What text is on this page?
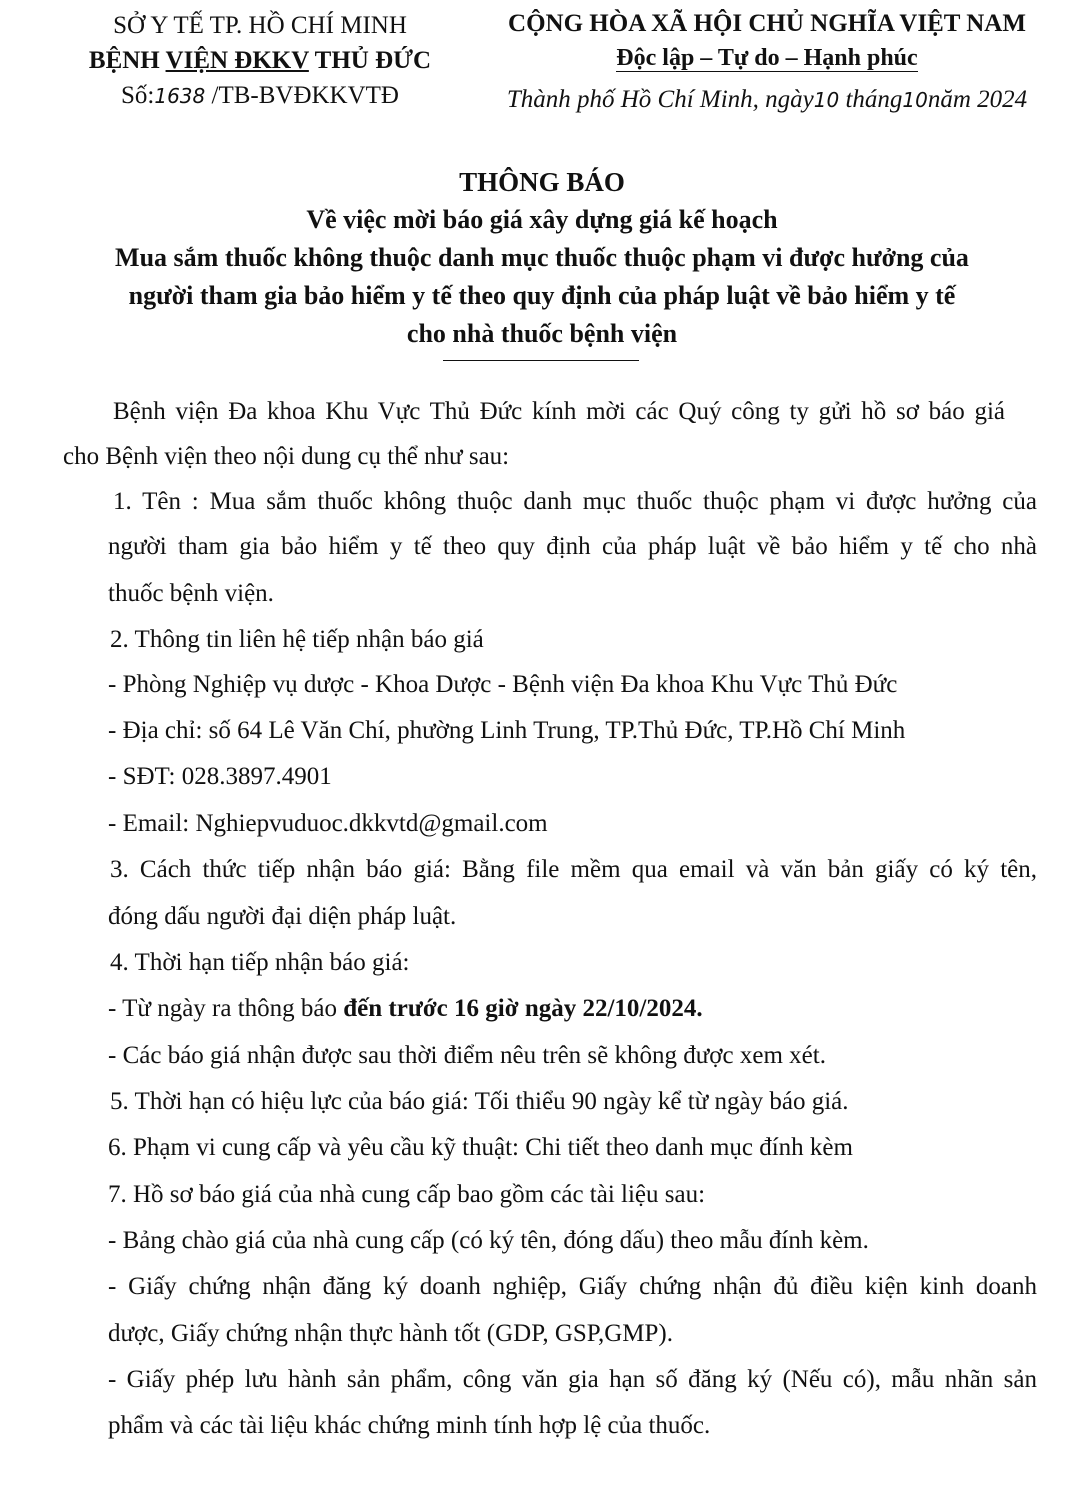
SỞ Y TẾ TP. HỒ CHÍ MINH
BỆNH VIỆN ĐKKV THỦ ĐỨC
Số:1638 /TB-BVĐKKVTĐ
CỘNG HÒA XÃ HỘI CHỦ NGHĨA VIỆT NAM
Độc lập – Tự do – Hạnh phúc
Thành phố Hồ Chí Minh, ngày10 tháng10năm 2024
THÔNG BÁO
Về việc mời báo giá xây dựng giá kế hoạch
Mua sắm thuốc không thuộc danh mục thuốc thuộc phạm vi được hưởng của
người tham gia bảo hiểm y tế theo quy định của pháp luật về bảo hiểm y tế
cho nhà thuốc bệnh viện
Bệnh viện Đa khoa Khu Vực Thủ Đức kính mời các Quý công ty gửi hồ sơ báo giá
cho Bệnh viện theo nội dung cụ thể như sau:
1. Tên : Mua sắm thuốc không thuộc danh mục thuốc thuộc phạm vi được hưởng của
người tham gia bảo hiểm y tế theo quy định của pháp luật về bảo hiểm y tế cho nhà
thuốc bệnh viện.
2. Thông tin liên hệ tiếp nhận báo giá
- Phòng Nghiệp vụ dược - Khoa Dược - Bệnh viện Đa khoa Khu Vực Thủ Đức
- Địa chỉ: số 64 Lê Văn Chí, phường Linh Trung, TP.Thủ Đức, TP.Hồ Chí Minh
- SĐT: 028.3897.4901
- Email: Nghiepvuduoc.dkkvtd@gmail.com
3. Cách thức tiếp nhận báo giá: Bằng file mềm qua email và văn bản giấy có ký tên,
đóng dấu người đại diện pháp luật.
4. Thời hạn tiếp nhận báo giá:
- Từ ngày ra thông báo đến trước 16 giờ ngày 22/10/2024.
- Các báo giá nhận được sau thời điểm nêu trên sẽ không được xem xét.
5. Thời hạn có hiệu lực của báo giá: Tối thiểu 90 ngày kể từ ngày báo giá.
6. Phạm vi cung cấp và yêu cầu kỹ thuật: Chi tiết theo danh mục đính kèm
7. Hồ sơ báo giá của nhà cung cấp bao gồm các tài liệu sau:
- Bảng chào giá của nhà cung cấp (có ký tên, đóng dấu) theo mẫu đính kèm.
- Giấy chứng nhận đăng ký doanh nghiệp, Giấy chứng nhận đủ điều kiện kinh doanh
dược, Giấy chứng nhận thực hành tốt (GDP, GSP,GMP).
- Giấy phép lưu hành sản phẩm, công văn gia hạn số đăng ký (Nếu có), mẫu nhãn sản
phẩm và các tài liệu khác chứng minh tính hợp lệ của thuốc.
